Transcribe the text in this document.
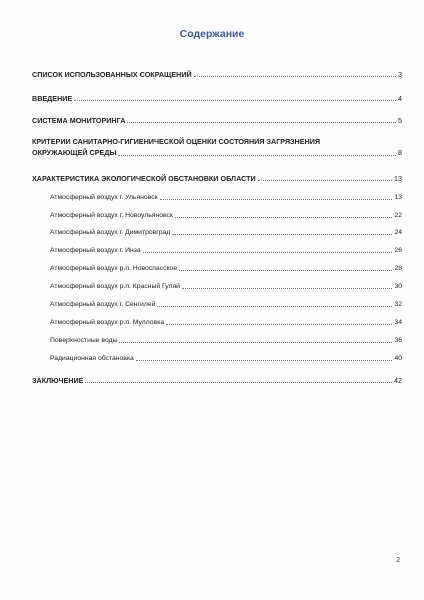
Содержание
СПИСОК ИСПОЛЬЗОВАННЫХ СОКРАЩЕНИЙ	3
ВВЕДЕНИЕ	4
СИСТЕМА МОНИТОРИНГА	5
КРИТЕРИИ САНИТАРНО-ГИГИЕНИЧЕСКОЙ ОЦЕНКИ СОСТОЯНИЯ ЗАГРЯЗНЕНИЯ
ОКРУЖАЮЩЕЙ СРЕДЫ	8
ХАРАКТЕРИСТИКА ЭКОЛОГИЧЕСКОЙ ОБСТАНОВКИ ОБЛАСТИ	13
Атмосферный воздух г. Ульяновск	13
Атмосферный воздух г. Новоульяновск	22
Атмосферный воздух г. Димитровград	24
Атмосферный воздух г. Инза	26
Атмосферный воздух р.п. Новоспасское	28
Атмосферный воздух р.п. Красный Гуляй	30
Атмосферный воздух г. Сенгилей	32
Атмосферный воздух р.п. Мулловка	34
Поверхностные воды	36
Радиационная обстановка	40
ЗАКЛЮЧЕНИЕ	42
2
